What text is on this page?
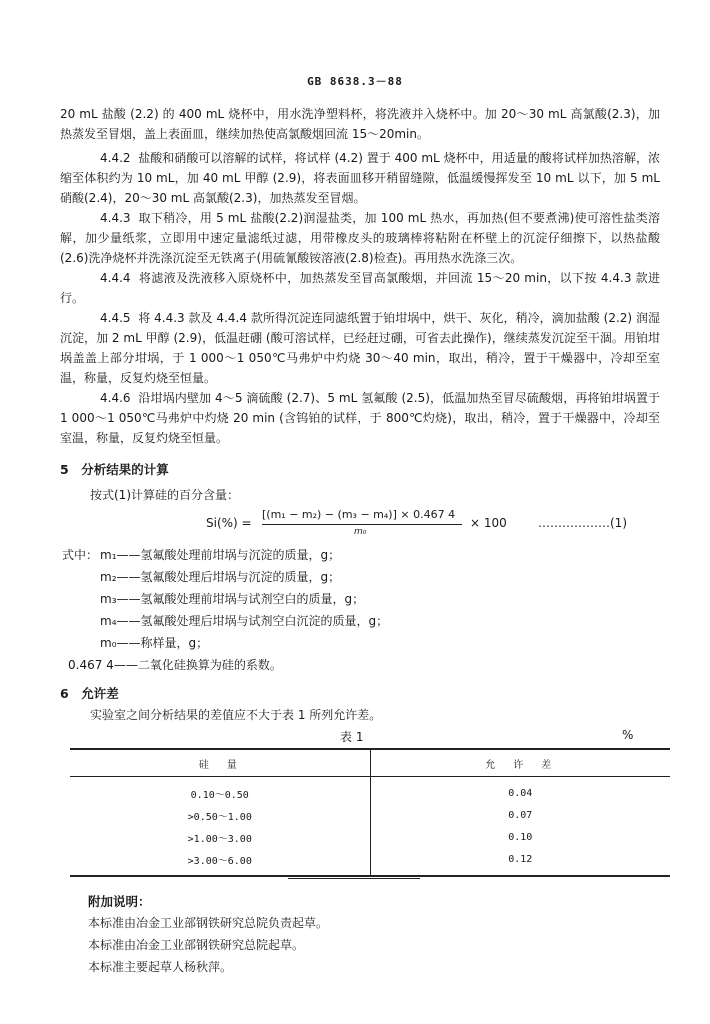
GB 8638.3－88
20 mL 盐酸 (2.2) 的 400 mL 烧杯中，用水洗净塑料杯，将洗液并入烧杯中。加 20～30 mL 高氯酸(2.3)，加热蒸发至冒烟，盖上表面皿，继续加热使高氯酸烟回流 15～20min。
4.4.2 盐酸和硝酸可以溶解的试样，将试样 (4.2) 置于 400 mL 烧杯中，用适量的酸将试样加热溶解，浓缩至体积约为 10 mL，加 40 mL 甲醇 (2.9)，将表面皿移开稍留缝隙，低温缓慢挥发至 10 mL 以下，加 5 mL 硝酸(2.4)，20～30 mL 高氯酸(2.3)，加热蒸发至冒烟。
4.4.3 取下稍冷，用 5 mL 盐酸(2.2)润湿盐类，加 100 mL 热水，再加热(但不要煮沸)使可溶性盐类溶解，加少量纸浆，立即用中速定量滤纸过滤，用带橡皮头的玻璃棒将粘附在杯壁上的沉淀仔细擦下，以热盐酸(2.6)洗净烧杯并洗涤沉淀至无铁离子(用硫氰酸铵溶液(2.8)检查)。再用热水洗涤三次。
4.4.4 将滤液及洗液移入原烧杯中，加热蒸发至冒高氯酸烟，并回流 15～20 min，以下按 4.4.3 款进行。
4.4.5 将 4.4.3 款及 4.4.4 款所得沉淀连同滤纸置于铂坩埚中，烘干、灰化，稍冷，滴加盐酸 (2.2) 润湿沉淀，加 2 mL 甲醇 (2.9)，低温赶硼 (酸可溶试样，已经赶过硼，可省去此操作)，继续蒸发沉淀至干涸。用铂坩埚盖盖上部分坩埚，于 1 000～1 050℃马弗炉中灼烧 30～40 min，取出，稍冷，置于干燥器中，冷却至室温，称量，反复灼烧至恒量。
4.4.6 沿坩埚内壁加 4～5 滴硫酸 (2.7)、5 mL 氢氟酸 (2.5)，低温加热至冒尽硫酸烟，再将铂坩埚置于 1 000～1 050℃马弗炉中灼烧 20 min (含钨铂的试样，于 800℃灼烧)，取出，稍冷，置于干燥器中，冷却至室温，称量，反复灼烧至恒量。
5　分析结果的计算
按式(1)计算硅的百分含量：
Si(%) =
[(m₁ − m₂) − (m₃ − m₄)] × 0.467 4
m₀
× 100	………………(1)
式中： m₁——氢氟酸处理前坩埚与沉淀的质量，g；
m₂——氢氟酸处理后坩埚与沉淀的质量，g；
m₃——氢氟酸处理前坩埚与试剂空白的质量，g；
m₄——氢氟酸处理后坩埚与试剂空白沉淀的质量，g；
m₀——称样量，g；
0.467 4——二氧化硅换算为硅的系数。
6　允许差
实验室之间分析结果的差值应不大于表 1 所列允许差。
表 1	%
硅　量	允　许　差
0.10～0.50	0.04
>0.50～1.00	0.07
>1.00～3.00	0.10
>3.00～6.00	0.12
附加说明：
本标准由冶金工业部钢铁研究总院负责起草。
本标准由冶金工业部钢铁研究总院起草。
本标准主要起草人杨秋萍。
